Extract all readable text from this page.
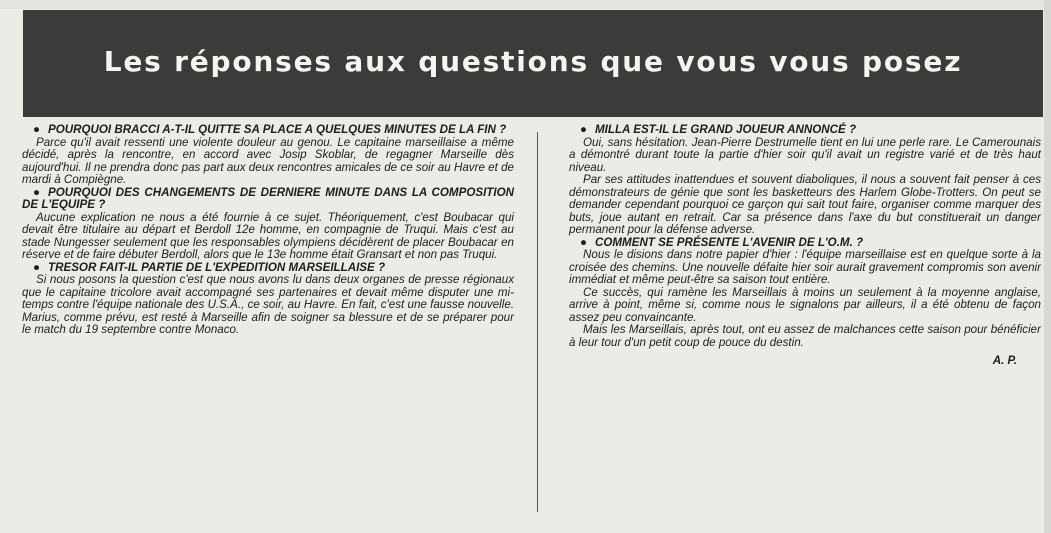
Les réponses aux questions que vous vous posez
● POURQUOI BRACCI A-T-IL QUITTE SA PLACE A QUELQUES MINUTES DE LA FIN ?
Parce qu'il avait ressenti une violente douleur au genou. Le capitaine marseillaise a même décidé, après la rencontre, en accord avec Josip Skoblar, de regagner Marseille dès aujourd'hui. Il ne prendra donc pas part aux deux rencontres amicales de ce soir au Havre et de mardi à Compiègne.
● POURQUOI DES CHANGEMENTS DE DERNIERE MINUTE DANS LA COMPOSITION DE L'EQUIPE ?
Aucune explication ne nous a été fournie à ce sujet. Théoriquement, c'est Boubacar qui devait être titulaire au départ et Berdoll 12e homme, en compagnie de Truqui. Mais c'est au stade Nungesser seulement que les responsables olympiens décidèrent de placer Boubacar en réserve et de faire débuter Berdoll, alors que le 13e homme était Gransart et non pas Truqui.
● TRESOR FAIT-IL PARTIE DE L'EXPEDITION MARSEILLAISE ?
Si nous posons la question c'est que nous avons lu dans deux organes de presse régionaux que le capitaine tricolore avait accompagné ses partenaires et devait même disputer une mi-temps contre l'équipe nationale des U.S.A., ce soir, au Havre. En fait, c'est une fausse nouvelle. Marius, comme prévu, est resté à Marseille afin de soigner sa blessure et de se préparer pour le match du 19 septembre contre Monaco.
● MILLA EST-IL LE GRAND JOUEUR ANNONCÉ ?
Oui, sans hésitation. Jean-Pierre Destrumelle tient en lui une perle rare. Le Camerounais a démontré durant toute la partie d'hier soir qu'il avait un registre varié et de très haut niveau.
Par ses attitudes inattendues et souvent diaboliques, il nous a souvent fait penser à ces démonstrateurs de génie que sont les basketteurs des Harlem Globe-Trotters. On peut se demander cependant pourquoi ce garçon qui sait tout faire, organiser comme marquer des buts, joue autant en retrait. Car sa présence dans l'axe du but constituerait un danger permanent pour la défense adverse.
● COMMENT SE PRÉSENTE L'AVENIR DE L'O.M. ?
Nous le disions dans notre papier d'hier : l'équipe marseillaise est en quelque sorte à la croisée des chemins. Une nouvelle défaite hier soir aurait gravement compromis son avenir immédiat et même peut-être sa saison tout entière.
Ce succès, qui ramène les Marseillais à moins un seulement à la moyenne anglaise, arrive à point, même si, comme nous le signalons par ailleurs, il a été obtenu de façon assez peu convaincante.
Mais les Marseillais, après tout, ont eu assez de malchances cette saison pour bénéficier à leur tour d'un petit coup de pouce du destin.
A. P.
